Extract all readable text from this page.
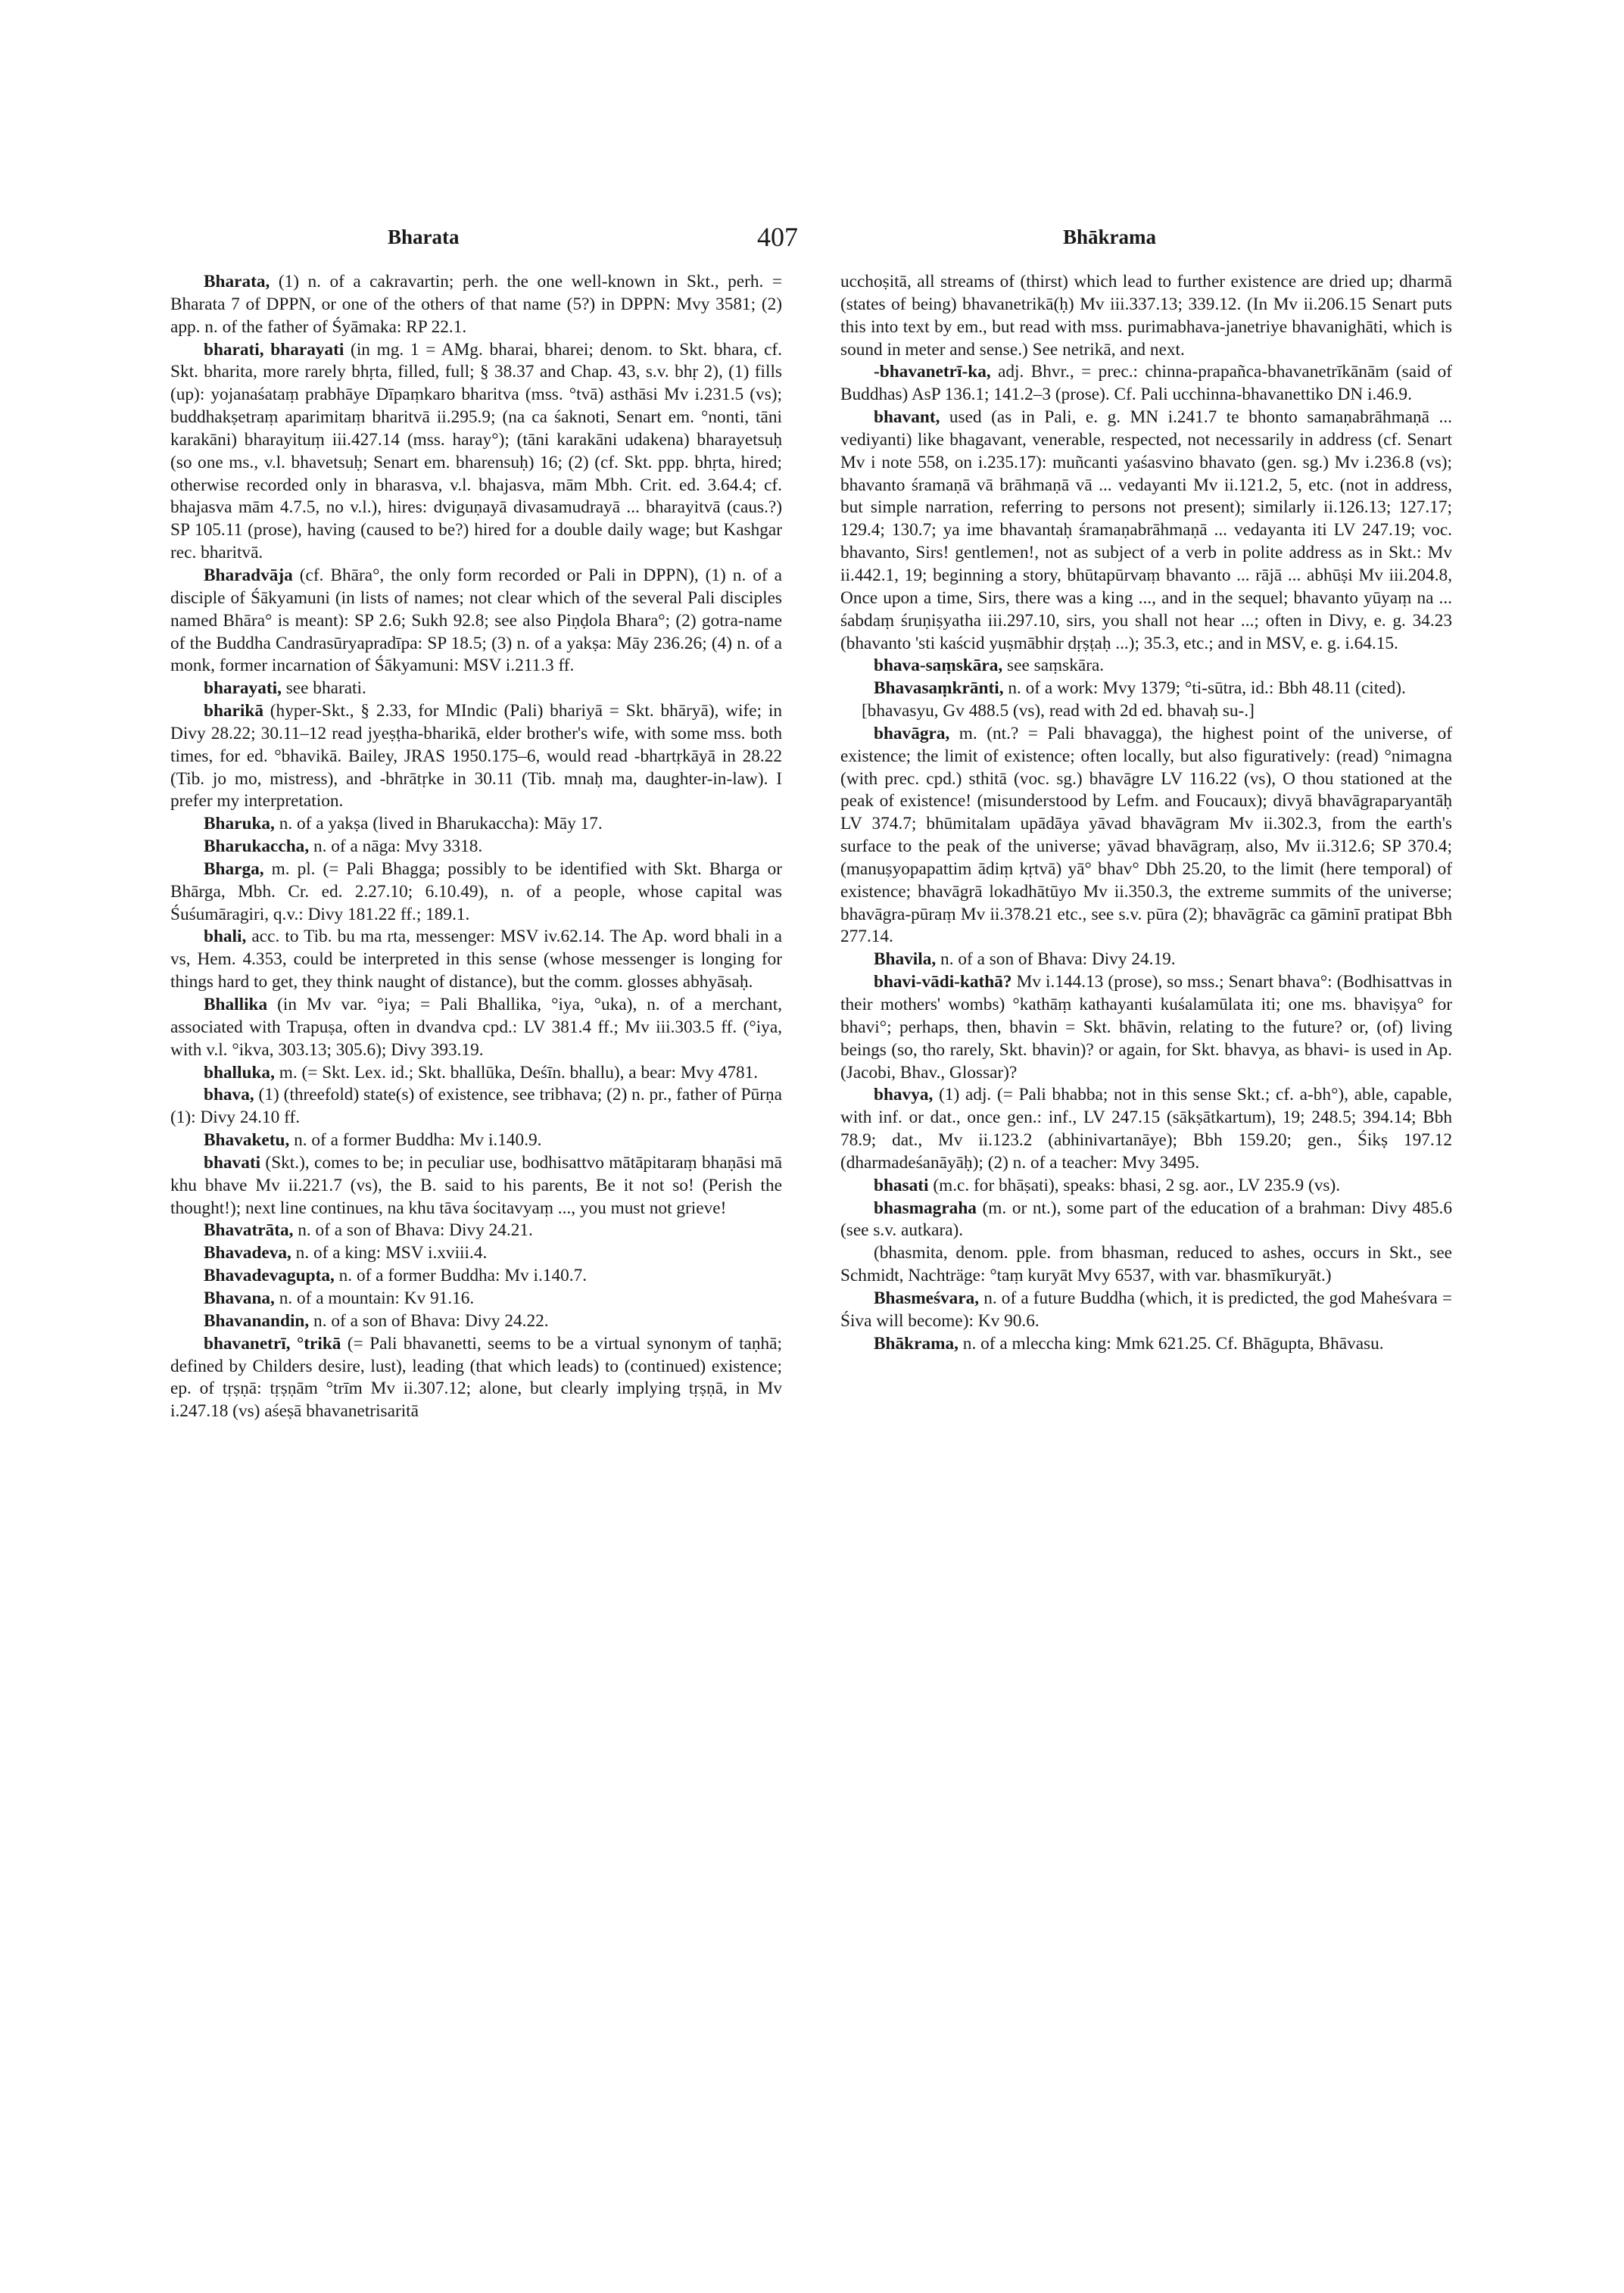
Bharata	407	Bhākrama

Bharata, (1) n. of a cakravartin; perh. the one well-known in Skt., perh. = Bharata 7 of DPPN, or one of the others of that name (5?) in DPPN: Mvy 3581; (2) app. n. of the father of Śyāmaka: RP 22.1.

bharati, bharayati (in mg. 1 = AMg. bharai, bharei; denom. to Skt. bhara, cf. Skt. bharita, more rarely bhṛta, filled, full; § 38.37 and Chap. 43, s.v. bhṛ 2), (1) fills (up): yojanaśataṃ prabhāye Dīpaṃkaro bharitva (mss. °tvā) asthāsi Mv i.231.5 (vs); buddhakṣetraṃ aparimitaṃ bharitvā ii.295.9; (na ca śaknoti, Senart em. °nonti, tāni karakāni) bharayituṃ iii.427.14 (mss. haray°); (tāni karakāni udakena) bharayetsuḥ (so one ms., v.l. bhavetsuḥ; Senart em. bharensuḥ) 16; (2) (cf. Skt. ppp. bhṛta, hired; otherwise recorded only in bharasva, v.l. bhajasva, mām Mbh. Crit. ed. 3.64.4; cf. bhajasva mām 4.7.5, no v.l.), hires: dviguṇayā divasamudrayā ... bharayitvā (caus.?) SP 105.11 (prose), having (caused to be?) hired for a double daily wage; but Kashgar rec. bharitvā.

Bharadvāja (cf. Bhāra°, the only form recorded or Pali in DPPN), (1) n. of a disciple of Śākyamuni (in lists of names; not clear which of the several Pali disciples named Bhāra° is meant): SP 2.6; Sukh 92.8; see also Piṇḍola Bhara°; (2) gotra-name of the Buddha Candrasūryapradīpa: SP 18.5; (3) n. of a yakṣa: Māy 236.26; (4) n. of a monk, former incarnation of Śākyamuni: MSV i.211.3 ff.

bharayati, see bharati.

bharikā (hyper-Skt., § 2.33, for MIndic (Pali) bhariyā = Skt. bhāryā), wife; in Divy 28.22; 30.11–12 read jyeṣṭha-bharikā, elder brother's wife, with some mss. both times, for ed. °bhavikā. Bailey, JRAS 1950.175–6, would read -bhartṛkāyā in 28.22 (Tib. jo mo, mistress), and -bhrātṛke in 30.11 (Tib. mnaḥ ma, daughter-in-law). I prefer my interpretation.

Bharuka, n. of a yakṣa (lived in Bharukaccha): Māy 17.

Bharukaccha, n. of a nāga: Mvy 3318.

Bharga, m. pl. (= Pali Bhagga; possibly to be identified with Skt. Bharga or Bhārga, Mbh. Cr. ed. 2.27.10; 6.10.49), n. of a people, whose capital was Śuśumāragiri, q.v.: Divy 181.22 ff.; 189.1.

bhali, acc. to Tib. bu ma rta, messenger: MSV iv.62.14. The Ap. word bhali in a vs, Hem. 4.353, could be interpreted in this sense (whose messenger is longing for things hard to get, they think naught of distance), but the comm. glosses abhyāsaḥ.

Bhallika (in Mv var. °iya; = Pali Bhallika, °iya, °uka), n. of a merchant, associated with Trapuṣa, often in dvandva cpd.: LV 381.4 ff.; Mv iii.303.5 ff. (°iya, with v.l. °ikva, 303.13; 305.6); Divy 393.19.

bhalluka, m. (= Skt. Lex. id.; Skt. bhallūka, Deśīn. bhallu), a bear: Mvy 4781.

bhava, (1) (threefold) state(s) of existence, see tribhava; (2) n. pr., father of Pūrṇa (1): Divy 24.10 ff.

Bhavaketu, n. of a former Buddha: Mv i.140.9.

bhavati (Skt.), comes to be; in peculiar use, bodhisattvo mātāpitaraṃ bhaṇāsi mā khu bhave Mv ii.221.7 (vs), the B. said to his parents, Be it not so! (Perish the thought!); next line continues, na khu tāva śocitavyaṃ ..., you must not grieve!

Bhavatrāta, n. of a son of Bhava: Divy 24.21.

Bhavadeva, n. of a king: MSV i.xviii.4.

Bhavadevagupta, n. of a former Buddha: Mv i.140.7.

Bhavana, n. of a mountain: Kv 91.16.

Bhavanandin, n. of a son of Bhava: Divy 24.22.

bhavanetrī, °trikā (= Pali bhavanetti, seems to be a virtual synonym of taṇhā; defined by Childers desire, lust), leading (that which leads) to (continued) existence; ep. of tṛṣṇā: tṛṣṇām °trīm Mv ii.307.12; alone, but clearly implying tṛṣṇā, in Mv i.247.18 (vs) aśeṣā bhavanetrisaritā

ucchoṣitā, all streams of (thirst) which lead to further existence are dried up; dharmā (states of being) bhavanetrikā(ḥ) Mv iii.337.13; 339.12. (In Mv ii.206.15 Senart puts this into text by em., but read with mss. purimabhava-janetriye bhavanighāti, which is sound in meter and sense.) See netrikā, and next.

-bhavanetrī-ka, adj. Bhvr., = prec.: chinna-prapañca-bhavanetrīkānām (said of Buddhas) AsP 136.1; 141.2–3 (prose). Cf. Pali ucchinna-bhavanettiko DN i.46.9.

bhavant, used (as in Pali, e. g. MN i.241.7 te bhonto samaṇabrāhmaṇā ... vediyanti) like bhagavant, venerable, respected, not necessarily in address (cf. Senart Mv i note 558, on i.235.17): muñcanti yaśasvino bhavato (gen. sg.) Mv i.236.8 (vs); bhavanto śramaṇā vā brāhmaṇā vā ... vedayanti Mv ii.121.2, 5, etc. (not in address, but simple narration, referring to persons not present); similarly ii.126.13; 127.17; 129.4; 130.7; ya ime bhavantaḥ śramaṇabrāhmaṇā ... vedayanta iti LV 247.19; voc. bhavanto, Sirs! gentlemen!, not as subject of a verb in polite address as in Skt.: Mv ii.442.1, 19; beginning a story, bhūtapūrvaṃ bhavanto ... rājā ... abhūṣi Mv iii.204.8, Once upon a time, Sirs, there was a king ..., and in the sequel; bhavanto yūyaṃ na ... śabdaṃ śruṇiṣyatha iii.297.10, sirs, you shall not hear ...; often in Divy, e. g. 34.23 (bhavanto 'sti kaścid yuṣmābhir dṛṣṭaḥ ...); 35.3, etc.; and in MSV, e. g. i.64.15.

bhava-saṃskāra, see saṃskāra.

Bhavasaṃkrānti, n. of a work: Mvy 1379; °ti-sūtra, id.: Bbh 48.11 (cited).

[bhavasyu, Gv 488.5 (vs), read with 2d ed. bhavaḥ su-.]

bhavāgra, m. (nt.? = Pali bhavagga), the highest point of the universe, of existence; the limit of existence; often locally, but also figuratively: (read) °nimagna (with prec. cpd.) sthitā (voc. sg.) bhavāgre LV 116.22 (vs), O thou stationed at the peak of existence! (misunderstood by Lefm. and Foucaux); divyā bhavāgraparyantāḥ LV 374.7; bhūmitalam upādāya yāvad bhavāgram Mv ii.302.3, from the earth's surface to the peak of the universe; yāvad bhavāgraṃ, also, Mv ii.312.6; SP 370.4; (manuṣyopapattim ādiṃ kṛtvā) yā° bhav° Dbh 25.20, to the limit (here temporal) of existence; bhavāgrā lokadhātūyo Mv ii.350.3, the extreme summits of the universe; bhavāgra-pūraṃ Mv ii.378.21 etc., see s.v. pūra (2); bhavāgrāc ca gāminī pratipat Bbh 277.14.

Bhavila, n. of a son of Bhava: Divy 24.19.

bhavi-vādi-kathā? Mv i.144.13 (prose), so mss.; Senart bhava°: (Bodhisattvas in their mothers' wombs) °kathāṃ kathayanti kuśalamūlata iti; one ms. bhaviṣya° for bhavi°; perhaps, then, bhavin = Skt. bhāvin, relating to the future? or, (of) living beings (so, tho rarely, Skt. bhavin)? or again, for Skt. bhavya, as bhavi- is used in Ap. (Jacobi, Bhav., Glossar)?

bhavya, (1) adj. (= Pali bhabba; not in this sense Skt.; cf. a-bh°), able, capable, with inf. or dat., once gen.: inf., LV 247.15 (sākṣātkartum), 19; 248.5; 394.14; Bbh 78.9; dat., Mv ii.123.2 (abhinivartanāye); Bbh 159.20; gen., Śikṣ 197.12 (dharmadeśanāyāḥ); (2) n. of a teacher: Mvy 3495.

bhasati (m.c. for bhāṣati), speaks: bhasi, 2 sg. aor., LV 235.9 (vs).

bhasmagraha (m. or nt.), some part of the education of a brahman: Divy 485.6 (see s.v. autkara).

(bhasmita, denom. pple. from bhasman, reduced to ashes, occurs in Skt., see Schmidt, Nachträge: °taṃ kuryāt Mvy 6537, with var. bhasmīkuryāt.)

Bhasmeśvara, n. of a future Buddha (which, it is predicted, the god Maheśvara = Śiva will become): Kv 90.6.

Bhākrama, n. of a mleccha king: Mmk 621.25. Cf. Bhāgupta, Bhāvasu.
